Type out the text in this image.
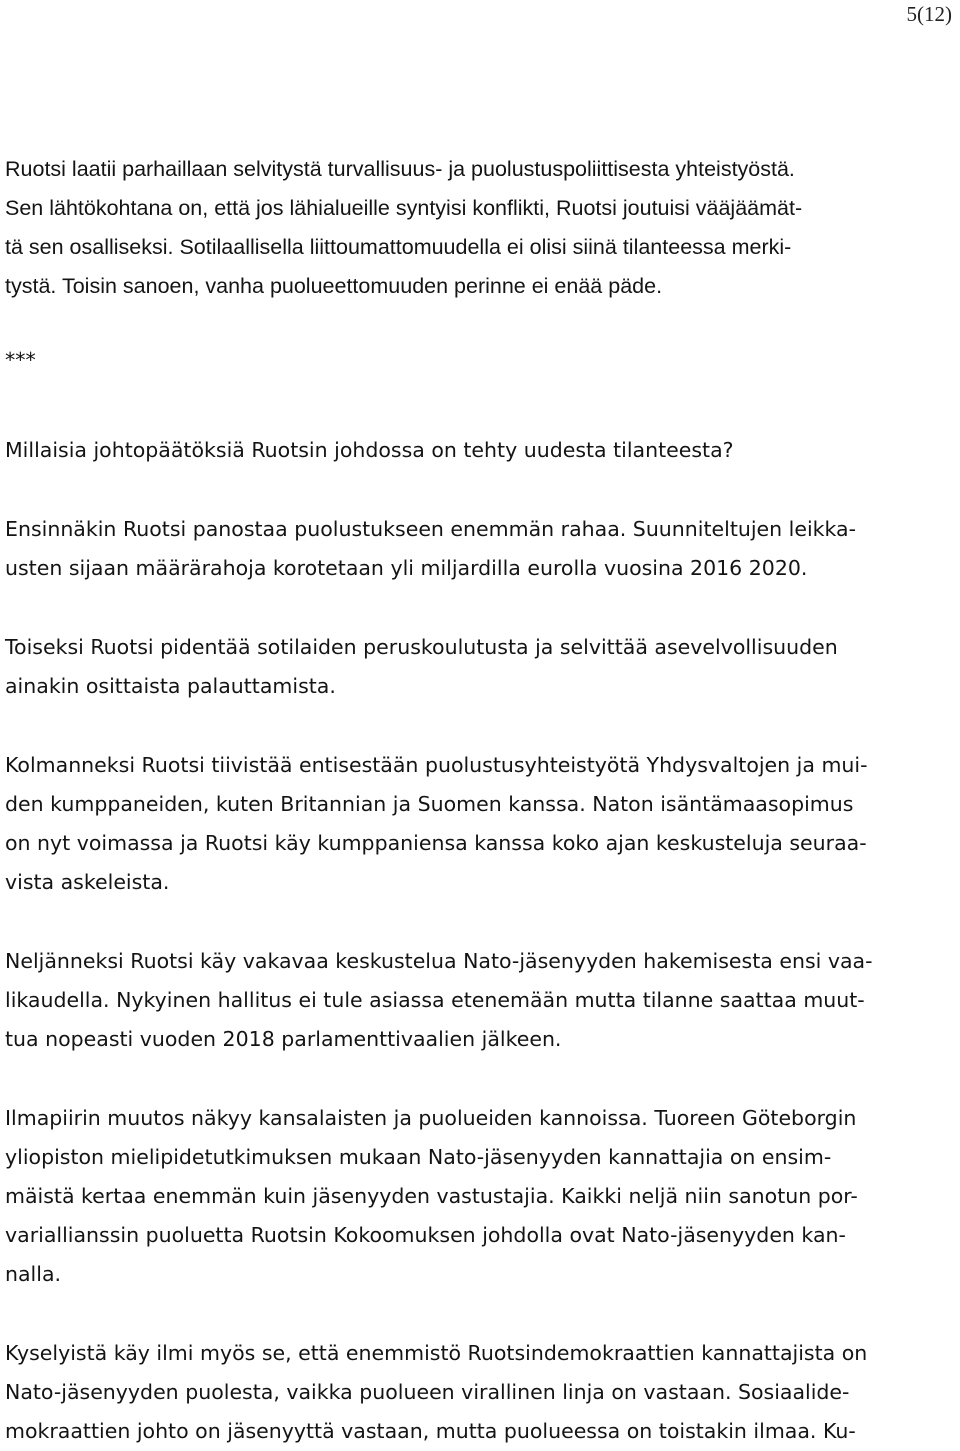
5(12)
Ruotsi laatii parhaillaan selvitystä turvallisuus- ja puolustuspoliittisesta yhteistyöstä.
Sen lähtökohtana on, että jos lähialueille syntyisi konflikti, Ruotsi joutuisi vääjäämät-
tä sen osalliseksi. Sotilaallisella liittoumattomuudella ei olisi siinä tilanteessa merki-
tystä. Toisin sanoen, vanha puolueettomuuden perinne ei enää päde.
***
Millaisia johtopäätöksiä Ruotsin johdossa on tehty uudesta tilanteesta?
Ensinnäkin Ruotsi panostaa puolustukseen enemmän rahaa. Suunniteltujen leikka-
usten sijaan määrärahoja korotetaan yli miljardilla eurolla vuosina 2016 2020.
Toiseksi Ruotsi pidentää sotilaiden peruskoulutusta ja selvittää asevelvollisuuden
ainakin osittaista palauttamista.
Kolmanneksi Ruotsi tiivistää entisestään puolustusyhteistyötä Yhdysvaltojen ja mui-
den kumppaneiden, kuten Britannian ja Suomen kanssa. Naton isäntämaasopimus
on nyt voimassa ja Ruotsi käy kumppaniensa kanssa koko ajan keskusteluja seuraa-
vista askeleista.
Neljänneksi Ruotsi käy vakavaa keskustelua Nato-jäsenyyden hakemisesta ensi vaa-
likaudella. Nykyinen hallitus ei tule asiassa etenemään mutta tilanne saattaa muut-
tua nopeasti vuoden 2018 parlamenttivaalien jälkeen.
Ilmapiirin muutos näkyy kansalaisten ja puolueiden kannoissa. Tuoreen Göteborgin
yliopiston mielipidetutkimuksen mukaan Nato-jäsenyyden kannattajia on ensim-
mäistä kertaa enemmän kuin jäsenyyden vastustajia. Kaikki neljä niin sanotun por-
variallianssin puoluetta Ruotsin Kokoomuksen johdolla ovat Nato-jäsenyyden kan-
nalla.
Kyselyistä käy ilmi myös se, että enemmistö Ruotsindemokraattien kannattajista on
Nato-jäsenyyden puolesta, vaikka puolueen virallinen linja on vastaan. Sosiaalide-
mokraattien johto on jäsenyyttä vastaan, mutta puolueessa on toistakin ilmaa. Ku-
